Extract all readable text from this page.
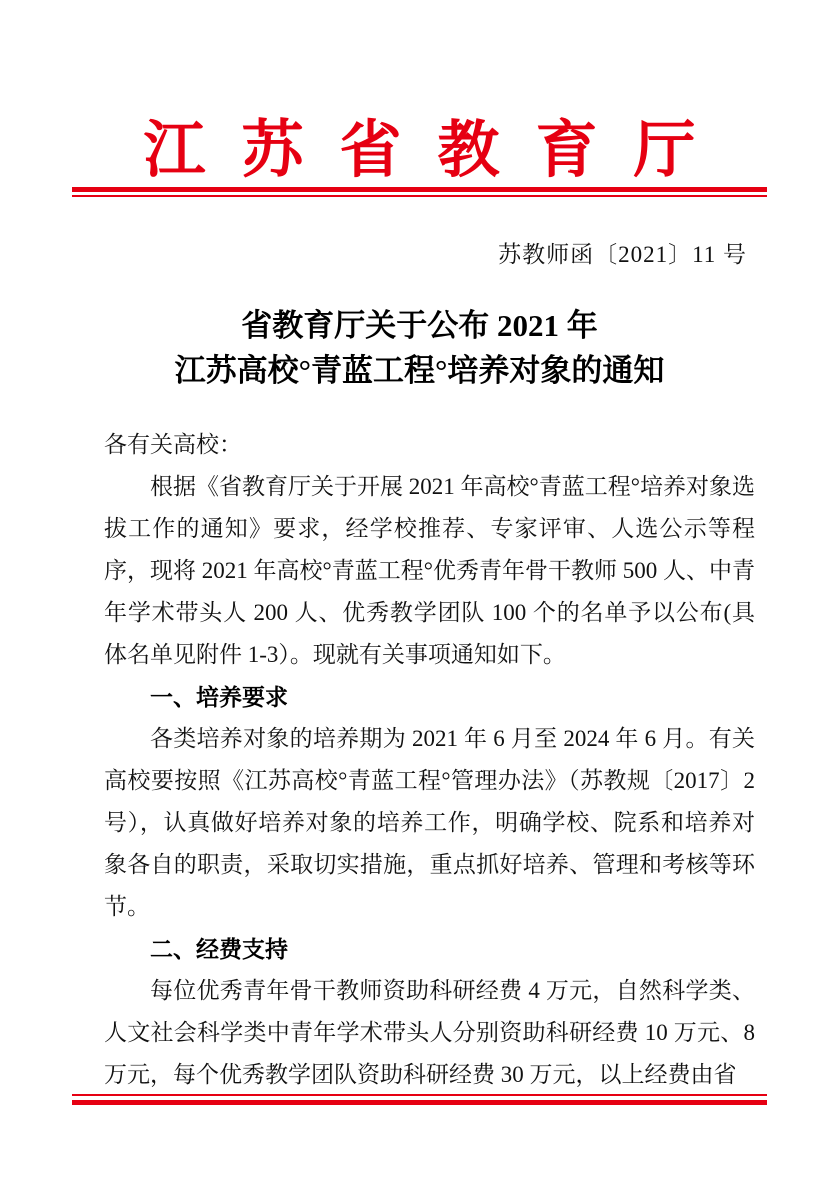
江苏省教育厅
苏教师函〔2021〕11 号
省教育厅关于公布 2021 年
江苏高校°青蓝工程°培养对象的通知

各有关高校：

根据《省教育厅关于开展 2021 年高校°青蓝工程°培养对象选拔工作的通知》要求，经学校推荐、专家评审、人选公示等程序，现将 2021 年高校°青蓝工程°优秀青年骨干教师 500 人、中青年学术带头人 200 人、优秀教学团队 100 个的名单予以公布(具体名单见附件 1-3）。现就有关事项通知如下。

一、培养要求

各类培养对象的培养期为 2021 年 6 月至 2024 年 6 月。有关高校要按照《江苏高校°青蓝工程°管理办法》（苏教规〔2017〕2 号），认真做好培养对象的培养工作，明确学校、院系和培养对象各自的职责，采取切实措施，重点抓好培养、管理和考核等环节。

二、经费支持

每位优秀青年骨干教师资助科研经费 4 万元，自然科学类、人文社会科学类中青年学术带头人分别资助科研经费 10 万元、8 万元，每个优秀教学团队资助科研经费 30 万元，以上经费由省
